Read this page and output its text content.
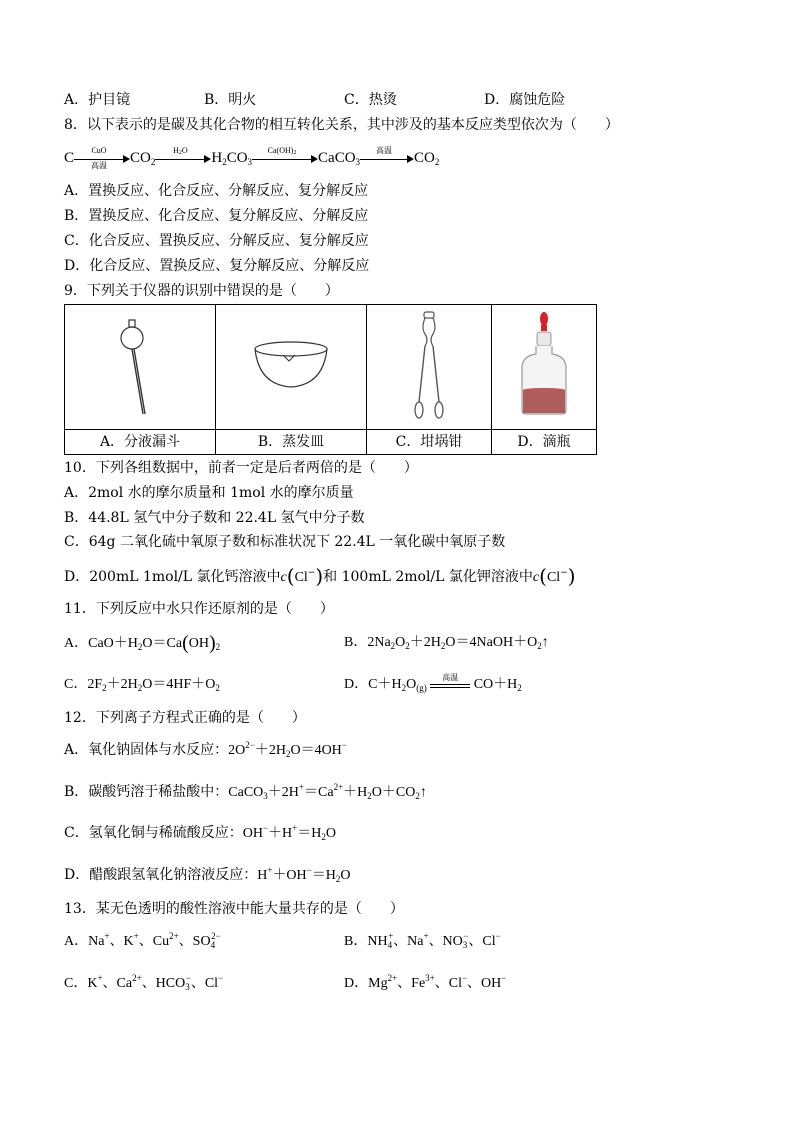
A．护目镜	B．明火	C．热烫	D．腐蚀危险
8．以下表示的是碳及其化合物的相互转化关系，其中涉及的基本反应类型依次为（　　）
C	CuO
高温	$CO_2$
$H_2O$	$H_2CO_3$
$Ca(OH)_2$	CaCO$_3$
高温	$CO_2$
A．置换反应、化合反应、分解反应、复分解反应
B．置换反应、化合反应、复分解反应、分解反应
C．化合反应、置换反应、分解反应、复分解反应
D．化合反应、置换反应、复分解反应、分解反应
9．下列关于仪器的识别中错误的是（　　）

A．分液漏斗	B．蒸发皿	C．坩埚钳	D．滴瓶
10．下列各组数据中，前者一定是后者两倍的是（　　）
A．2mol 水的摩尔质量和 1mol 水的摩尔质量
B．44.8L 氢气中分子数和 22.4L 氢气中分子数
C．64g 二氧化硫中氧原子数和标准状况下 22.4L 一氧化碳中氧原子数
D．200mL 1mol/L 氯化钙溶液中c(Cl−)和 100mL 2mol/L 氯化钾溶液中c(Cl−)
11．下列反应中水只作还原剂的是（　　）
A．$CaO+H_2O=Ca(OH)_2$	B．$2Na_2O_2+2H_2O=4NaOH+O_2↑$
C．$2F_2+2H_2O=4HF+O_2$	D．$C+H_2O_{(g)}$
高温 $CO+H_2$
12．下列离子方程式正确的是（　　）
A．氧化钠固体与水反应：$2O^{2-}+2H_2O=4OH^-$
B．碳酸钙溶于稀盐酸中：$CaCO_3+2H^+=Ca^{2+}+H_2O+CO_2↑$
C．氢氧化铜与稀硫酸反应：$OH^-+H^+=H_2O$
D．醋酸跟氢氧化钠溶液反应：$H^++OH^-=H_2O$
13．某无色透明的酸性溶液中能大量共存的是（　　）
A．Na+、K+、$Cu^{2+}$、$SO_4^{2-}$	B．$NH_4^+$、Na+、$NO_3^-$、Cl−
C．K+、$Ca^{2+}$、$HCO_3^-$、Cl−	D．$Mg^{2+}$、$Fe^{3+}$、Cl−、OH−
